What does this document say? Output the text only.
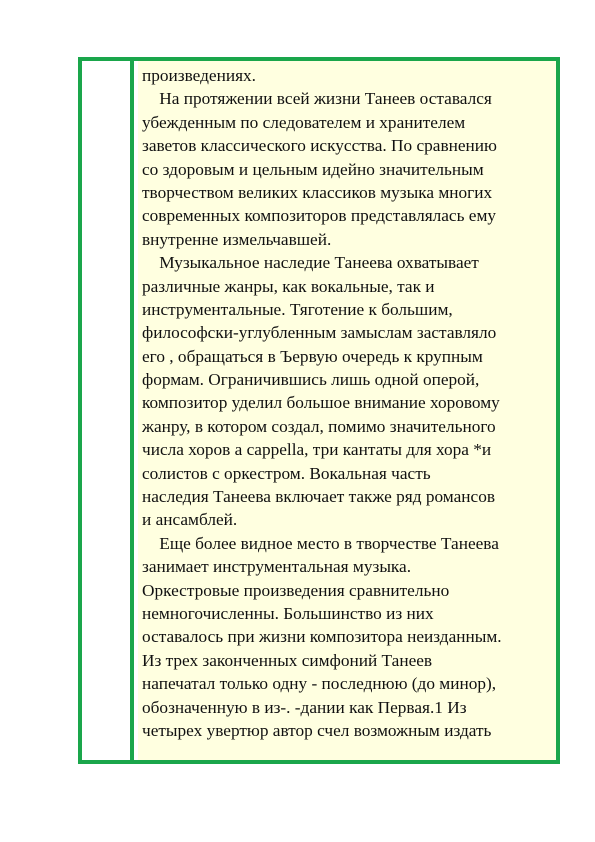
произведениях.
На протяжении всей жизни Танеев оставался
убежденным по следователем и хранителем
заветов классического искусства. По сравнению
со здоровым и цельным идейно значительным
творчеством великих классиков музыка многих
современных композиторов представлялась ему
внутренне измельчавшей.
Музыкальное наследие Танеева охватывает
различные жанры, как вокальные, так и
инструментальные. Тяготение к большим,
философски-углубленным замыслам заставляло
его , обращаться в Ъервую очередь к крупным
формам. Ограничившись лишь одной оперой,
композитор уделил большое внимание хоровому
жанру, в котором создал, помимо значительного
числа хоров a cappella, три кантаты для хора *и
солистов с оркестром. Вокальная часть
наследия Танеева включает также ряд романсов
и ансамблей.
Еще более видное место в творчестве Танеева
занимает инструментальная музыка.
Оркестровые произведения сравнительно
немногочисленны. Большинство из них
оставалось при жизни композитора неизданным.
Из трех законченных симфоний Танеев
напечатал только одну - последнюю (до минор),
обозначенную в из-. -дании как Первая.1 Из
четырех увертюр автор счел возможным издать
